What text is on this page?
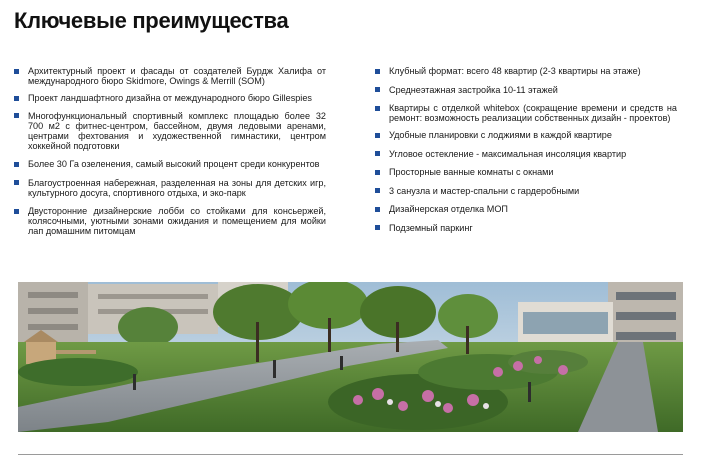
Ключевые преимущества
Архитектурный проект и фасады от создателей Бурдж Халифа от международного бюро Skidmore, Owings & Merrill (SOM)
Проект ландшафтного дизайна от международного бюро Gillespies
Многофункциональный спортивный комплекс площадью более 32 700 м2 с фитнес-центром, бассейном, двумя ледовыми аренами, центрами фехтования и художественной гимнастики, центром хоккейной подготовки
Более 30 Га озеленения, самый высокий процент среди конкурентов
Благоустроенная набережная, разделенная на зоны для детских игр, культурного досуга, спортивного отдыха, и эко-парк
Двусторонние дизайнерские лобби со стойками для консьержей, колясочными, уютными зонами ожидания и помещением для мойки лап домашним питомцам
Клубный формат: всего 48 квартир (2-3 квартиры на этаже)
Среднеэтажная застройка 10-11 этажей
Квартиры с отделкой whitebox (сокращение времени и средств на ремонт: возможность реализации собственных дизайн - проектов)
Удобные планировки с лоджиями в каждой квартире
Угловое остекление - максимальная инсоляция квартир
Просторные ванные комнаты с окнами
3 санузла и мастер-спальни с гардеробными
Дизайнерская отделка МОП
Подземный паркинг
